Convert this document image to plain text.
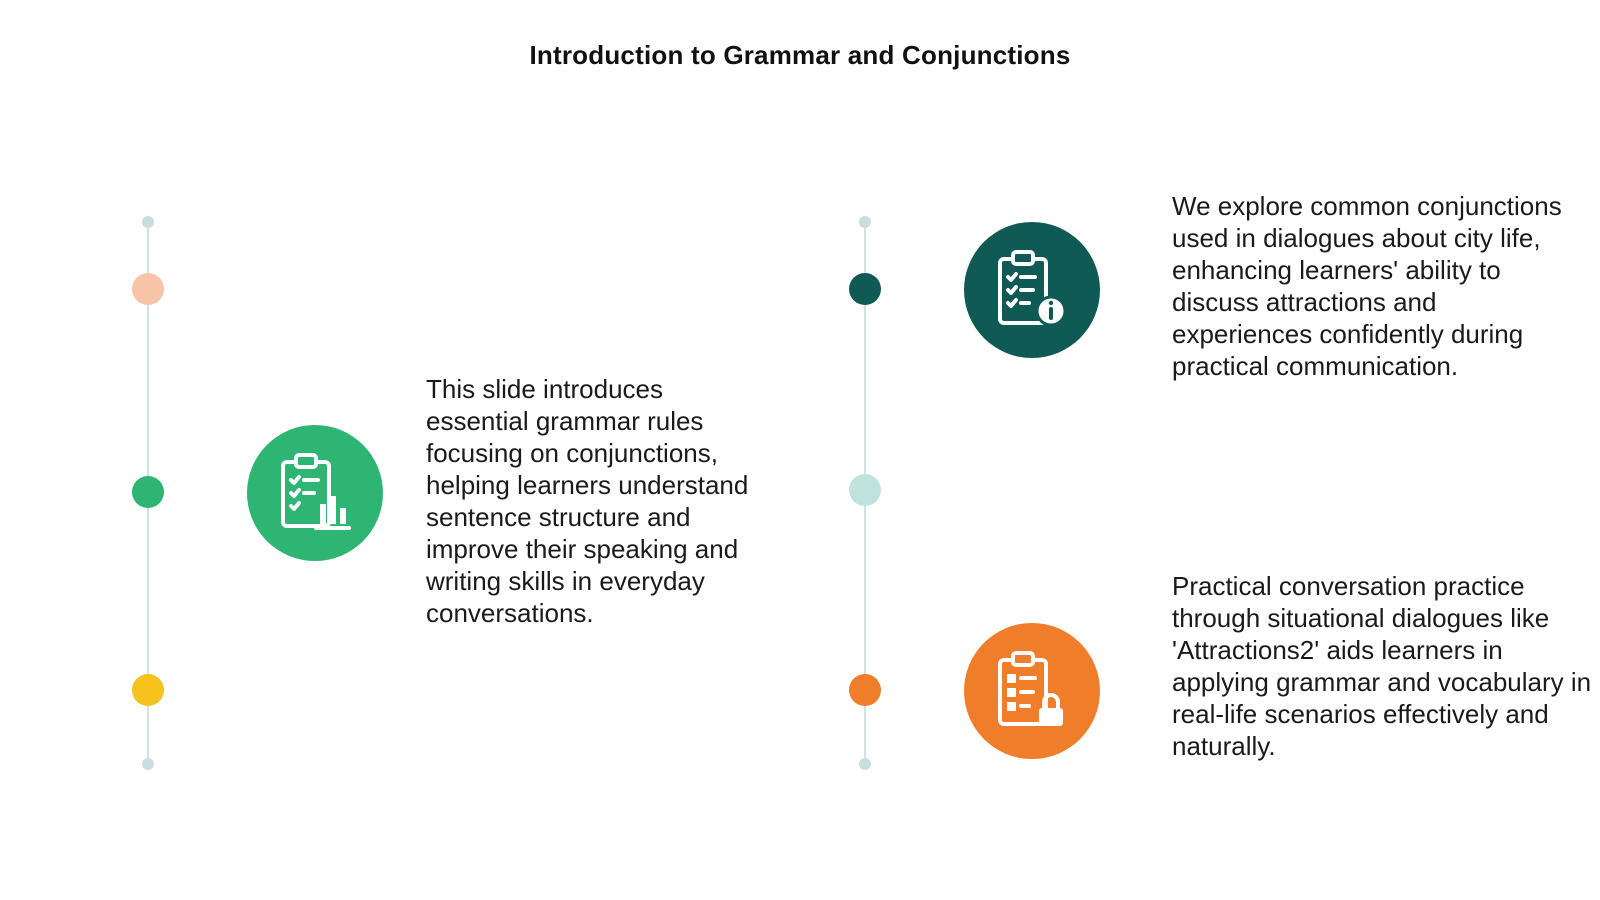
Introduction to Grammar and Conjunctions

This slide introduces essential grammar rules focusing on conjunctions, helping learners understand sentence structure and improve their speaking and writing skills in everyday conversations.

We explore common conjunctions used in dialogues about city life, enhancing learners' ability to discuss attractions and experiences confidently during practical communication.

Practical conversation practice through situational dialogues like 'Attractions2' aids learners in applying grammar and vocabulary in real-life scenarios effectively and naturally.
